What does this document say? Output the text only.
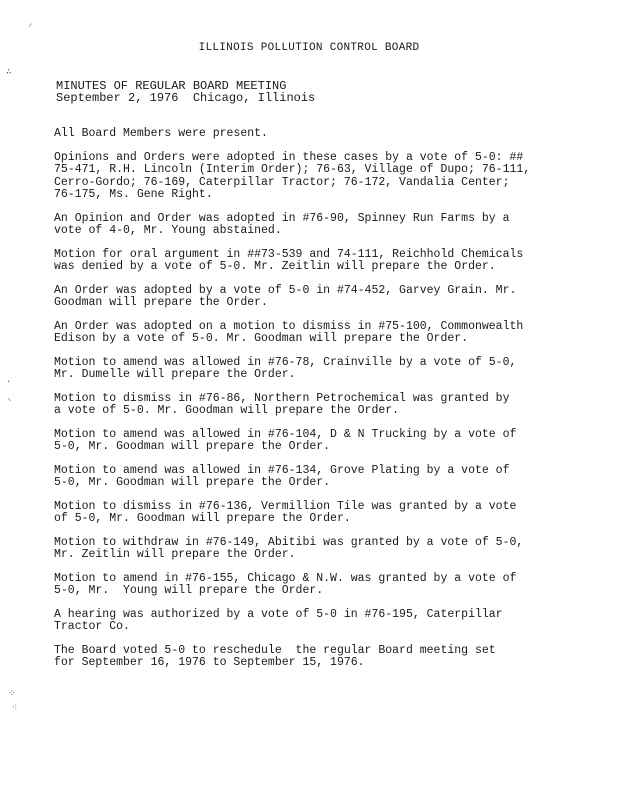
ILLINOIS POLLUTION CONTROL BOARD
MINUTES OF REGULAR BOARD MEETING
September 2, 1976  Chicago, Illinois

All Board Members were present.

Opinions and Orders were adopted in these cases by a vote of 5-0: ##
75-471, R.H. Lincoln (Interim Order); 76-63, Village of Dupo; 76-111,
Cerro-Gordo; 76-169, Caterpillar Tractor; 76-172, Vandalia Center;
76-175, Ms. Gene Right.

An Opinion and Order was adopted in #76-90, Spinney Run Farms by a
vote of 4-0, Mr. Young abstained.

Motion for oral argument in ##73-539 and 74-111, Reichhold Chemicals
was denied by a vote of 5-0. Mr. Zeitlin will prepare the Order.

An Order was adopted by a vote of 5-0 in #74-452, Garvey Grain. Mr.
Goodman will prepare the Order.

An Order was adopted on a motion to dismiss in #75-100, Commonwealth
Edison by a vote of 5-0. Mr. Goodman will prepare the Order.

Motion to amend was allowed in #76-78, Crainville by a vote of 5-0,
Mr. Dumelle will prepare the Order.

Motion to dismiss in #76-86, Northern Petrochemical was granted by
a vote of 5-0. Mr. Goodman will prepare the Order.

Motion to amend was allowed in #76-104, D & N Trucking by a vote of
5-0, Mr. Goodman will prepare the Order.

Motion to amend was allowed in #76-134, Grove Plating by a vote of
5-0, Mr. Goodman will prepare the Order.

Motion to dismiss in #76-136, Vermillion Tile was granted by a vote
of 5-0, Mr. Goodman will prepare the Order.

Motion to withdraw in #76-149, Abitibi was granted by a vote of 5-0,
Mr. Zeitlin will prepare the Order.

Motion to amend in #76-155, Chicago & N.W. was granted by a vote of
5-0, Mr.  Young will prepare the Order.

A hearing was authorized by a vote of 5-0 in #76-195, Caterpillar
Tractor Co.

The Board voted 5-0 to reschedule  the regular Board meeting set
for September 16, 1976 to September 15, 1976.

⸝
∴
·
⸌
⁘
⁖
